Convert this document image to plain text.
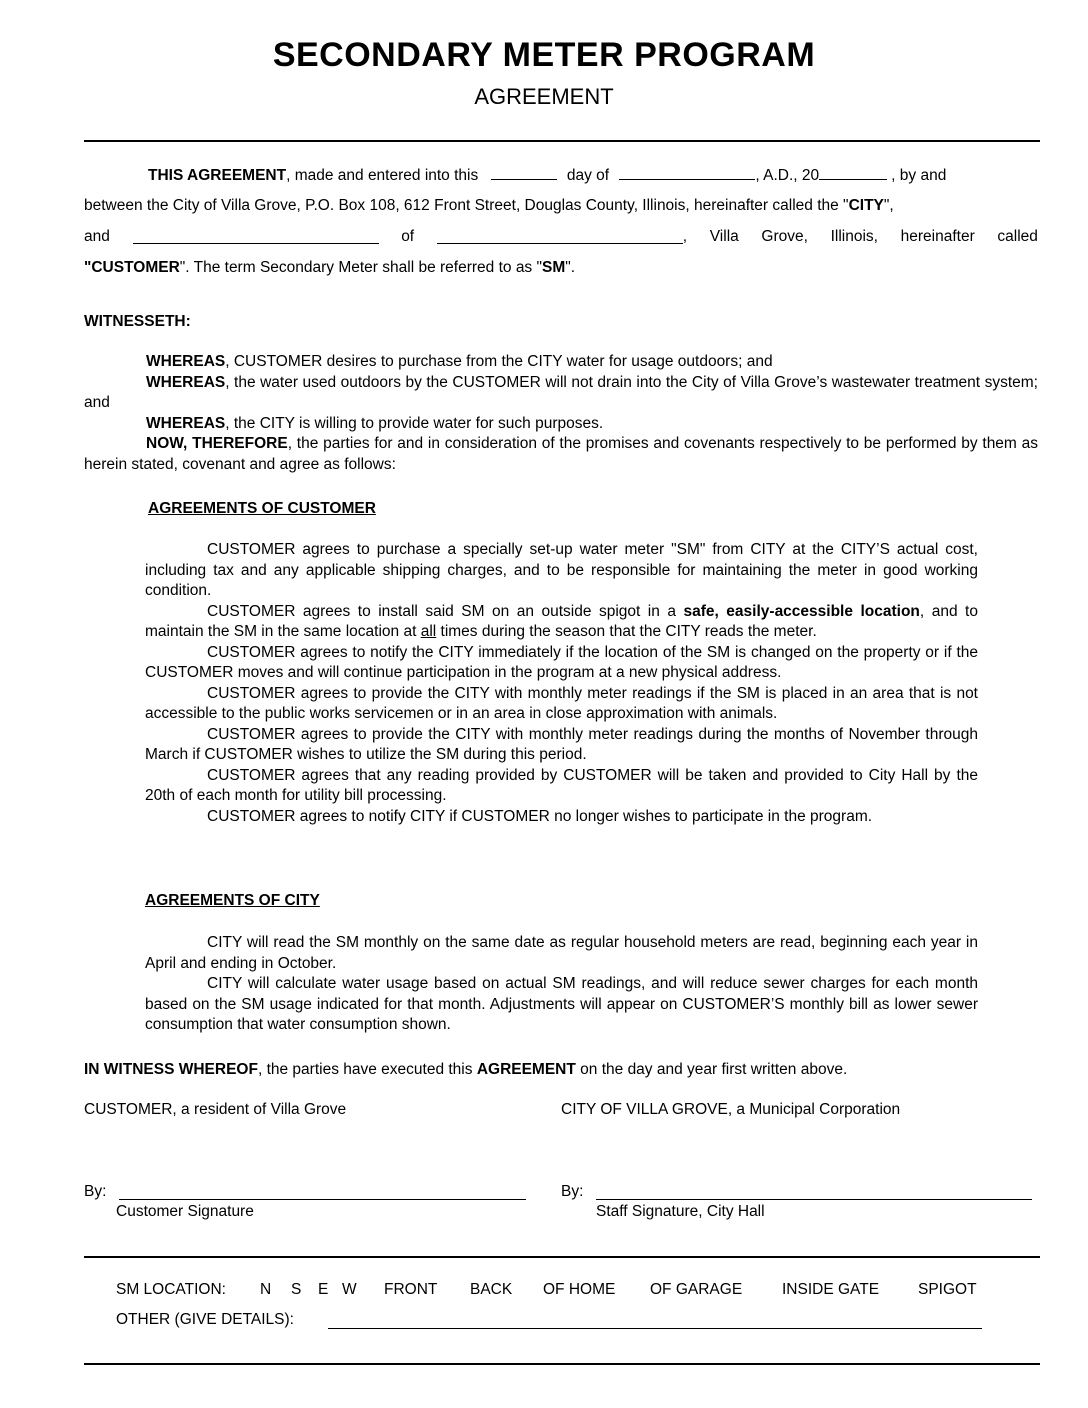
SECONDARY METER PROGRAM
AGREEMENT
THIS AGREEMENT, made and entered into this	day of	, A.D., 20	, by and
between the City of Villa Grove, P.O. Box 108, 612 Front Street, Douglas County, Illinois, hereinafter called the "CITY",
and	of	, Villa Grove, Illinois, hereinafter called
"CUSTOMER". The term Secondary Meter shall be referred to as "SM".
WITNESSETH:

WHEREAS, CUSTOMER desires to purchase from the CITY water for usage outdoors; and

WHEREAS, the water used outdoors by the CUSTOMER will not drain into the City of Villa Grove’s wastewater treatment system; and

WHEREAS, the CITY is willing to provide water for such purposes.

NOW, THEREFORE, the parties for and in consideration of the promises and covenants respectively to be performed by them as herein stated, covenant and agree as follows:

AGREEMENTS OF CUSTOMER

CUSTOMER agrees to purchase a specially set-up water meter "SM" from CITY at the CITY’S actual cost, including tax and any applicable shipping charges, and to be responsible for maintaining the meter in good working condition.

CUSTOMER agrees to install said SM on an outside spigot in a safe, easily-accessible location, and to maintain the SM in the same location at all times during the season that the CITY reads the meter.

CUSTOMER agrees to notify the CITY immediately if the location of the SM is changed on the property or if the CUSTOMER moves and will continue participation in the program at a new physical address.

CUSTOMER agrees to provide the CITY with monthly meter readings if the SM is placed in an area that is not accessible to the public works servicemen or in an area in close approximation with animals.

CUSTOMER agrees to provide the CITY with monthly meter readings during the months of November through March if CUSTOMER wishes to utilize the SM during this period.

CUSTOMER agrees that any reading provided by CUSTOMER will be taken and provided to City Hall by the 20th of each month for utility bill processing.

CUSTOMER agrees to notify CITY if CUSTOMER no longer wishes to participate in the program.

AGREEMENTS OF CITY

CITY will read the SM monthly on the same date as regular household meters are read, beginning each year in April and ending in October.

CITY will calculate water usage based on actual SM readings, and will reduce sewer charges for each month based on the SM usage indicated for that month. Adjustments will appear on CUSTOMER’S monthly bill as lower sewer consumption that water consumption shown.

IN WITNESS WHEREOF, the parties have executed this AGREEMENT on the day and year first written above.
CUSTOMER, a resident of Villa Grove	CITY OF VILLA GROVE, a Municipal Corporation
By:
Customer Signature
By:
Staff Signature, City Hall
SM LOCATION: N S E W FRONT BACK OF HOME OF GARAGE	INSIDE GATE	SPIGOT
OTHER (GIVE DETAILS):
